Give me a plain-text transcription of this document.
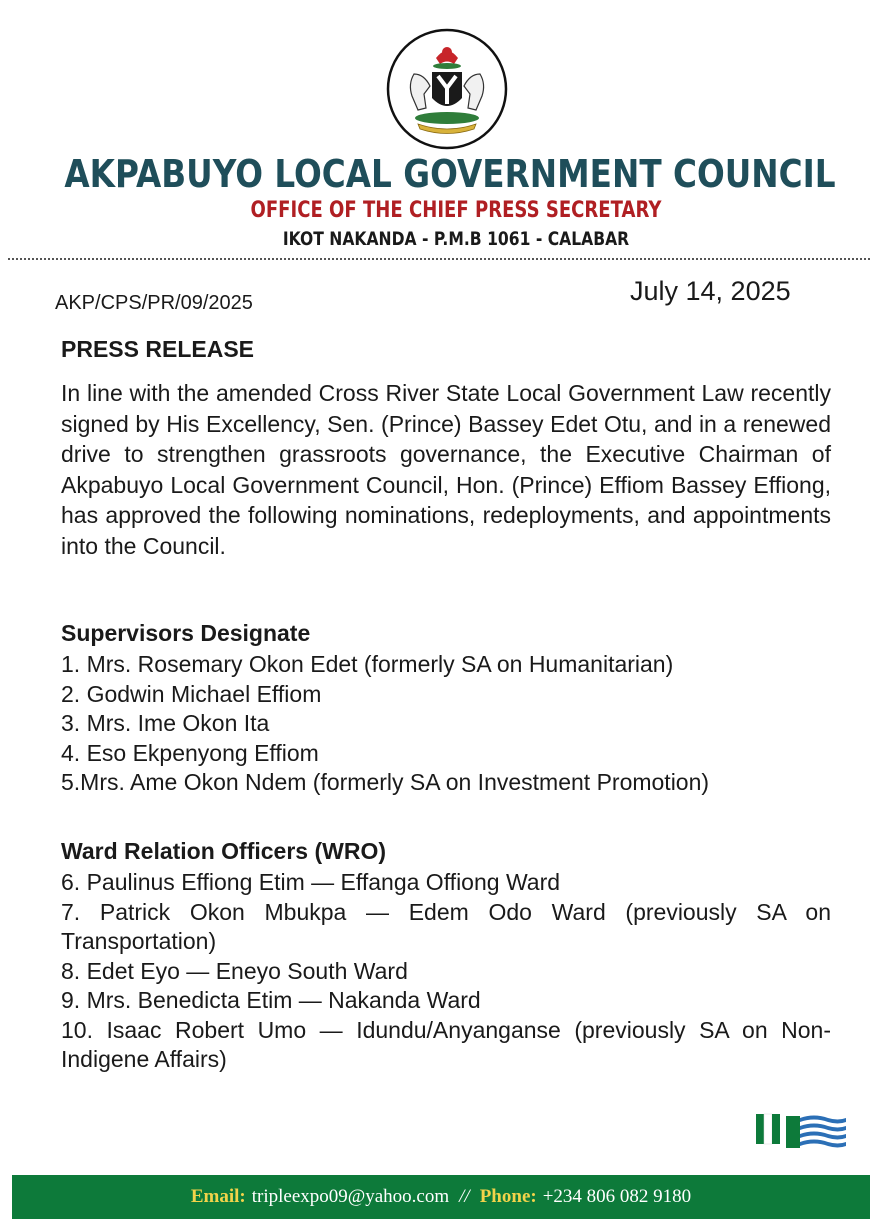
AKPABUYO LOCAL GOVERNMENT COUNCIL
OFFICE OF THE CHIEF PRESS SECRETARY
IKOT NAKANDA - P.M.B 1061 - CALABAR
AKP/CPS/PR/09/2025	July 14, 2025
PRESS RELEASE
In line with the amended Cross River State Local Government Law recently signed by His Excellency, Sen. (Prince) Bassey Edet Otu, and in a renewed drive to strengthen grassroots governance, the Executive Chairman of Akpabuyo Local Government Council, Hon. (Prince) Effiom Bassey Effiong, has approved the following nominations, redeployments, and appointments into the Council.
Supervisors Designate
1. Mrs. Rosemary Okon Edet (formerly SA on Humanitarian)
2. Godwin Michael Effiom
3. Mrs. Ime Okon Ita
4. Eso Ekpenyong Effiom
5.Mrs. Ame Okon Ndem (formerly SA on Investment Promotion)
Ward Relation Officers (WRO)
6. Paulinus Effiong Etim — Effanga Offiong Ward
7. Patrick Okon Mbukpa — Edem Odo Ward (previously SA on Transportation)
8. Edet Eyo — Eneyo South Ward
9. Mrs. Benedicta Etim — Nakanda Ward
10. Isaac Robert Umo — Idundu/Anyanganse (previously SA on Non-Indigene Affairs)
Email: tripleexpo09@yahoo.com // Phone: +234 806 082 9180
